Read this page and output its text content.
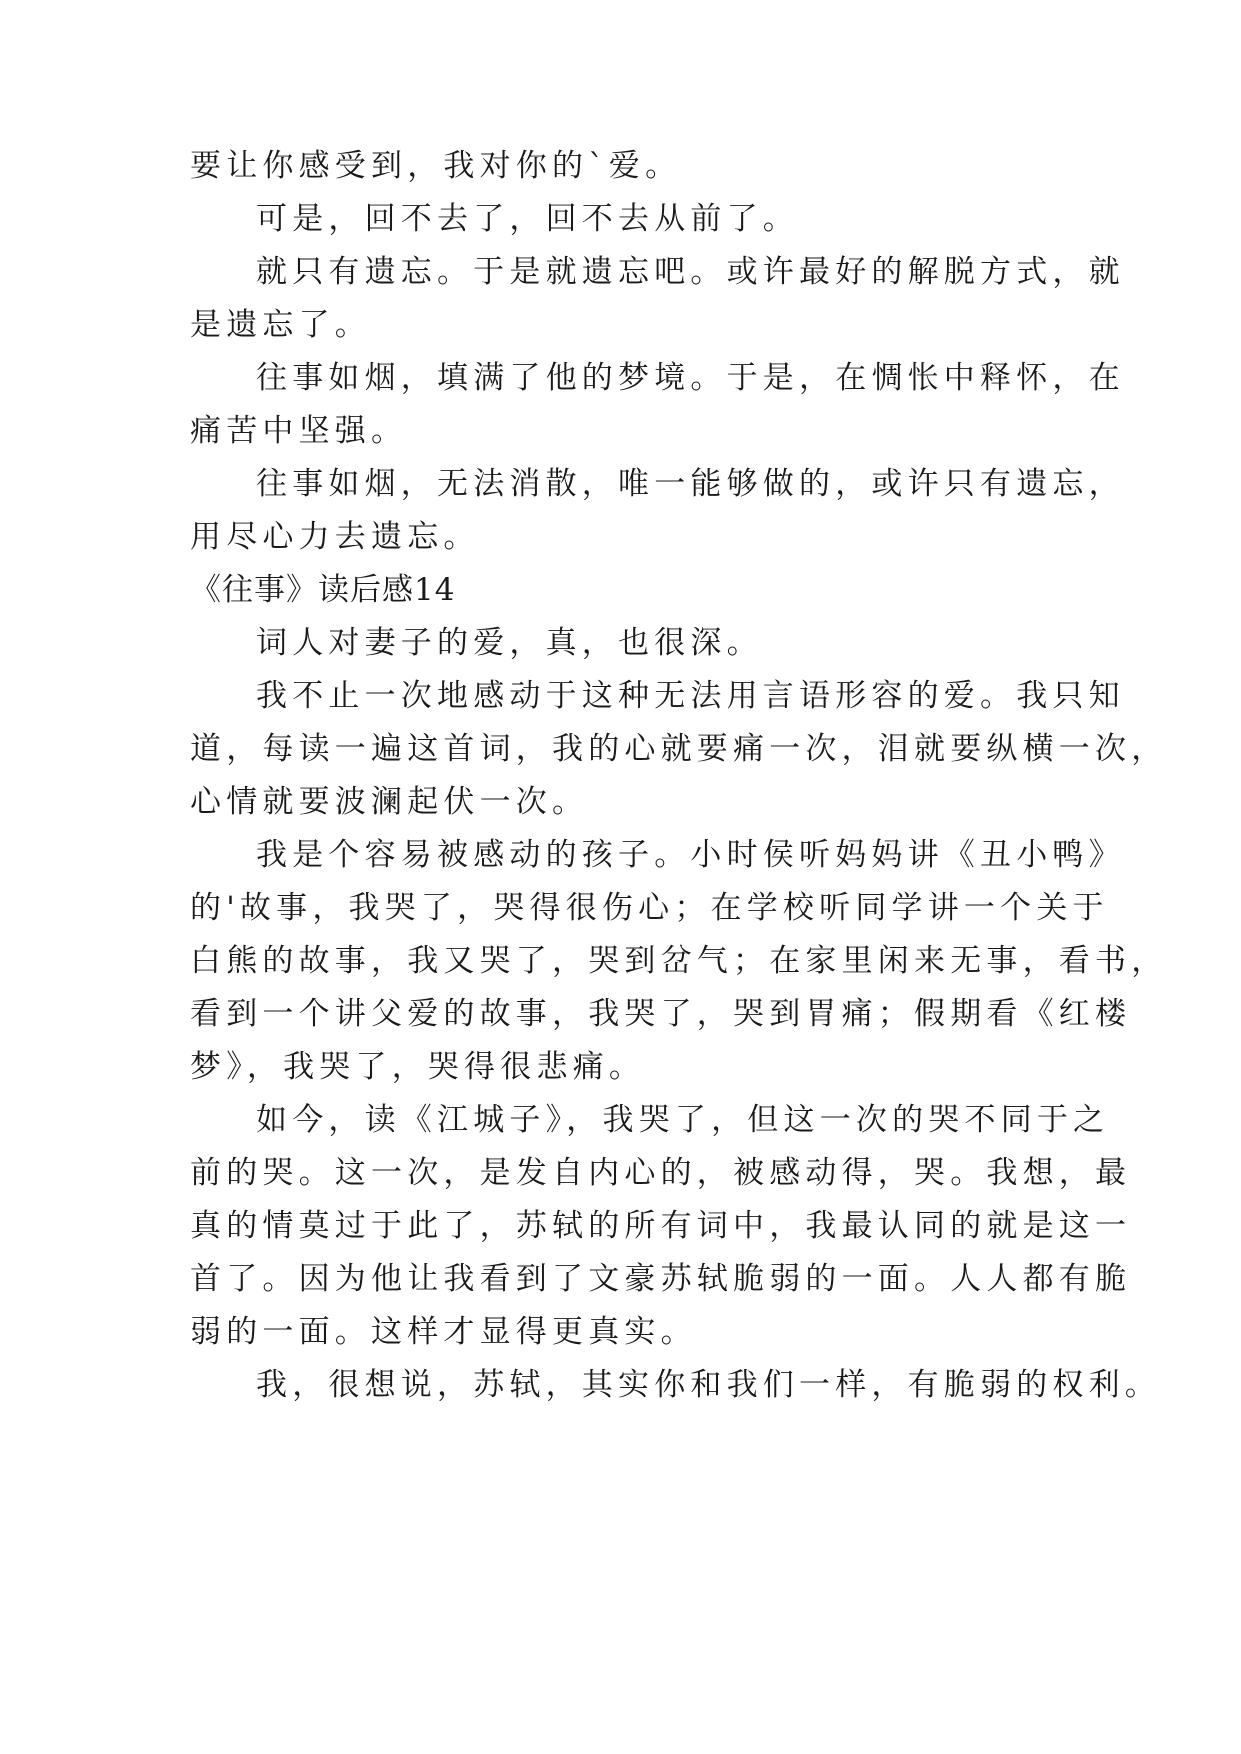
要让你感受到，我对你的`爱。
可是，回不去了，回不去从前了。
就只有遗忘。于是就遗忘吧。或许最好的解脱方式，就
是遗忘了。
往事如烟，填满了他的梦境。于是，在惆怅中释怀，在
痛苦中坚强。
往事如烟，无法消散，唯一能够做的，或许只有遗忘，
用尽心力去遗忘。
《往事》读后感14
词人对妻子的爱，真，也很深。
我不止一次地感动于这种无法用言语形容的爱。我只知
道，每读一遍这首词，我的心就要痛一次，泪就要纵横一次，
心情就要波澜起伏一次。
我是个容易被感动的孩子。小时侯听妈妈讲《丑小鸭》
的'故事，我哭了，哭得很伤心；在学校听同学讲一个关于
白熊的故事，我又哭了，哭到岔气；在家里闲来无事，看书，
看到一个讲父爱的故事，我哭了，哭到胃痛；假期看《红楼
梦》，我哭了，哭得很悲痛。
如今，读《江城子》，我哭了，但这一次的哭不同于之
前的哭。这一次，是发自内心的，被感动得，哭。我想，最
真的情莫过于此了，苏轼的所有词中，我最认同的就是这一
首了。因为他让我看到了文豪苏轼脆弱的一面。人人都有脆
弱的一面。这样才显得更真实。
我，很想说，苏轼，其实你和我们一样，有脆弱的权利。
